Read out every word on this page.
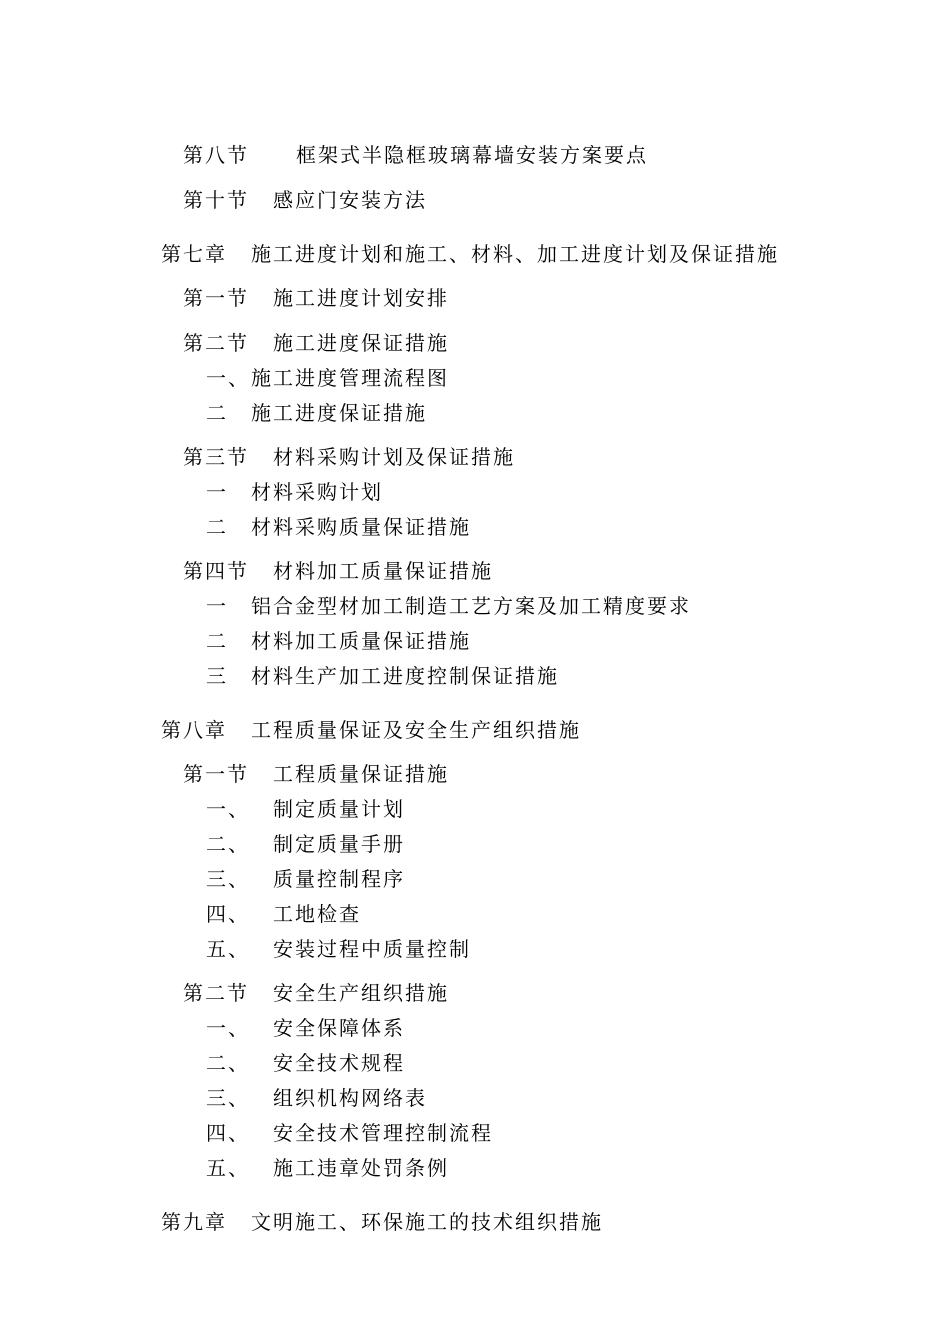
第八节 框架式半隐框玻璃幕墙安装方案要点
第十节 感应门安装方法
第七章 施工进度计划和施工、材料、加工进度计划及保证措施
第一节 施工进度计划安排
第二节 施工进度保证措施
一、 施工进度管理流程图
二 施工进度保证措施
第三节 材料采购计划及保证措施
一 材料采购计划
二 材料采购质量保证措施
第四节 材料加工质量保证措施
一 铝合金型材加工制造工艺方案及加工精度要求
二 材料加工质量保证措施
三 材料生产加工进度控制保证措施
第八章 工程质量保证及安全生产组织措施
第一节 工程质量保证措施
一、 制定质量计划
二、 制定质量手册
三、 质量控制程序
四、 工地检查
五、 安装过程中质量控制
第二节 安全生产组织措施
一、 安全保障体系
二、 安全技术规程
三、 组织机构网络表
四、 安全技术管理控制流程
五、 施工违章处罚条例
第九章 文明施工、环保施工的技术组织措施
